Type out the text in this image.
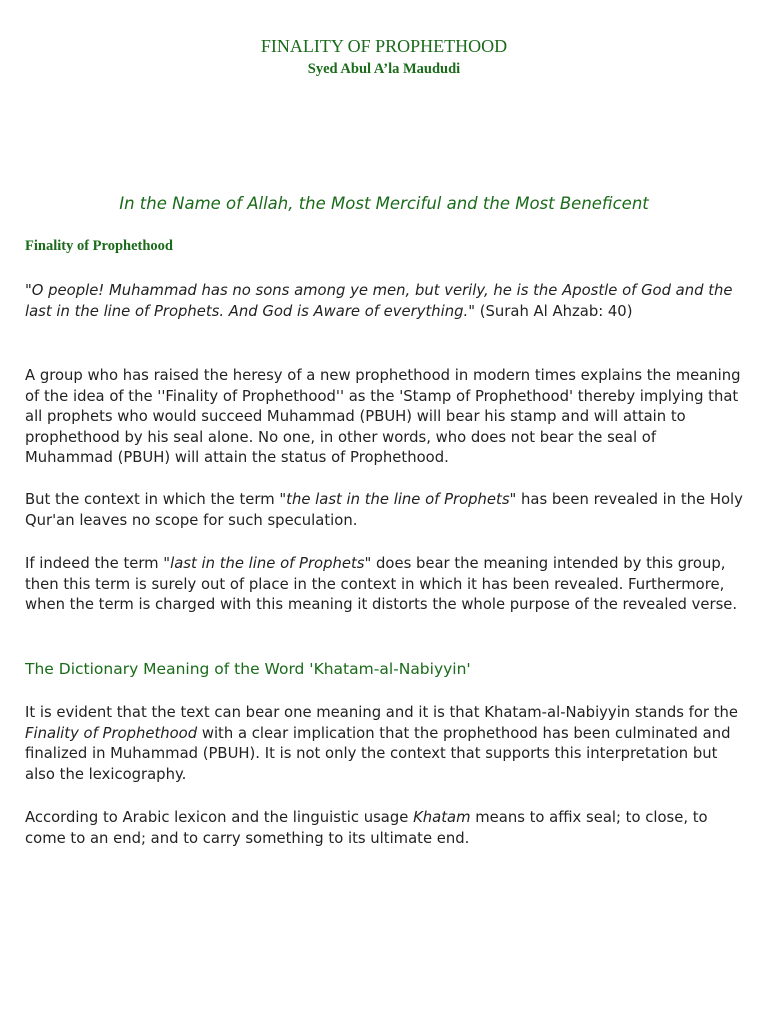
FINALITY OF PROPHETHOOD
Syed Abul A’la Maududi
In the Name of Allah, the Most Merciful and the Most Beneficent
Finality of Prophethood

"O people! Muhammad has no sons among ye men, but verily, he is the Apostle of God and the last in the line of Prophets. And God is Aware of everything." (Surah Al Ahzab: 40)

A group who has raised the heresy of a new prophethood in modern times explains the meaning of the idea of the ''Finality of Prophethood'' as the 'Stamp of Prophethood' thereby implying that all prophets who would succeed Muhammad (PBUH) will bear his stamp and will attain to prophethood by his seal alone. No one, in other words, who does not bear the seal of Muhammad (PBUH) will attain the status of Prophethood.

But the context in which the term "the last in the line of Prophets" has been revealed in the Holy Qur'an leaves no scope for such speculation.

If indeed the term "last in the line of Prophets" does bear the meaning intended by this group, then this term is surely out of place in the context in which it has been revealed. Furthermore, when the term is charged with this meaning it distorts the whole purpose of the revealed verse.

The Dictionary Meaning of the Word 'Khatam-al-Nabiyyin'

It is evident that the text can bear one meaning and it is that Khatam-al-Nabiyyin stands for the Finality of Prophethood with a clear implication that the prophethood has been culminated and finalized in Muhammad (PBUH). It is not only the context that supports this interpretation but also the lexicography.

According to Arabic lexicon and the linguistic usage Khatam means to affix seal; to close, to come to an end; and to carry something to its ultimate end.
